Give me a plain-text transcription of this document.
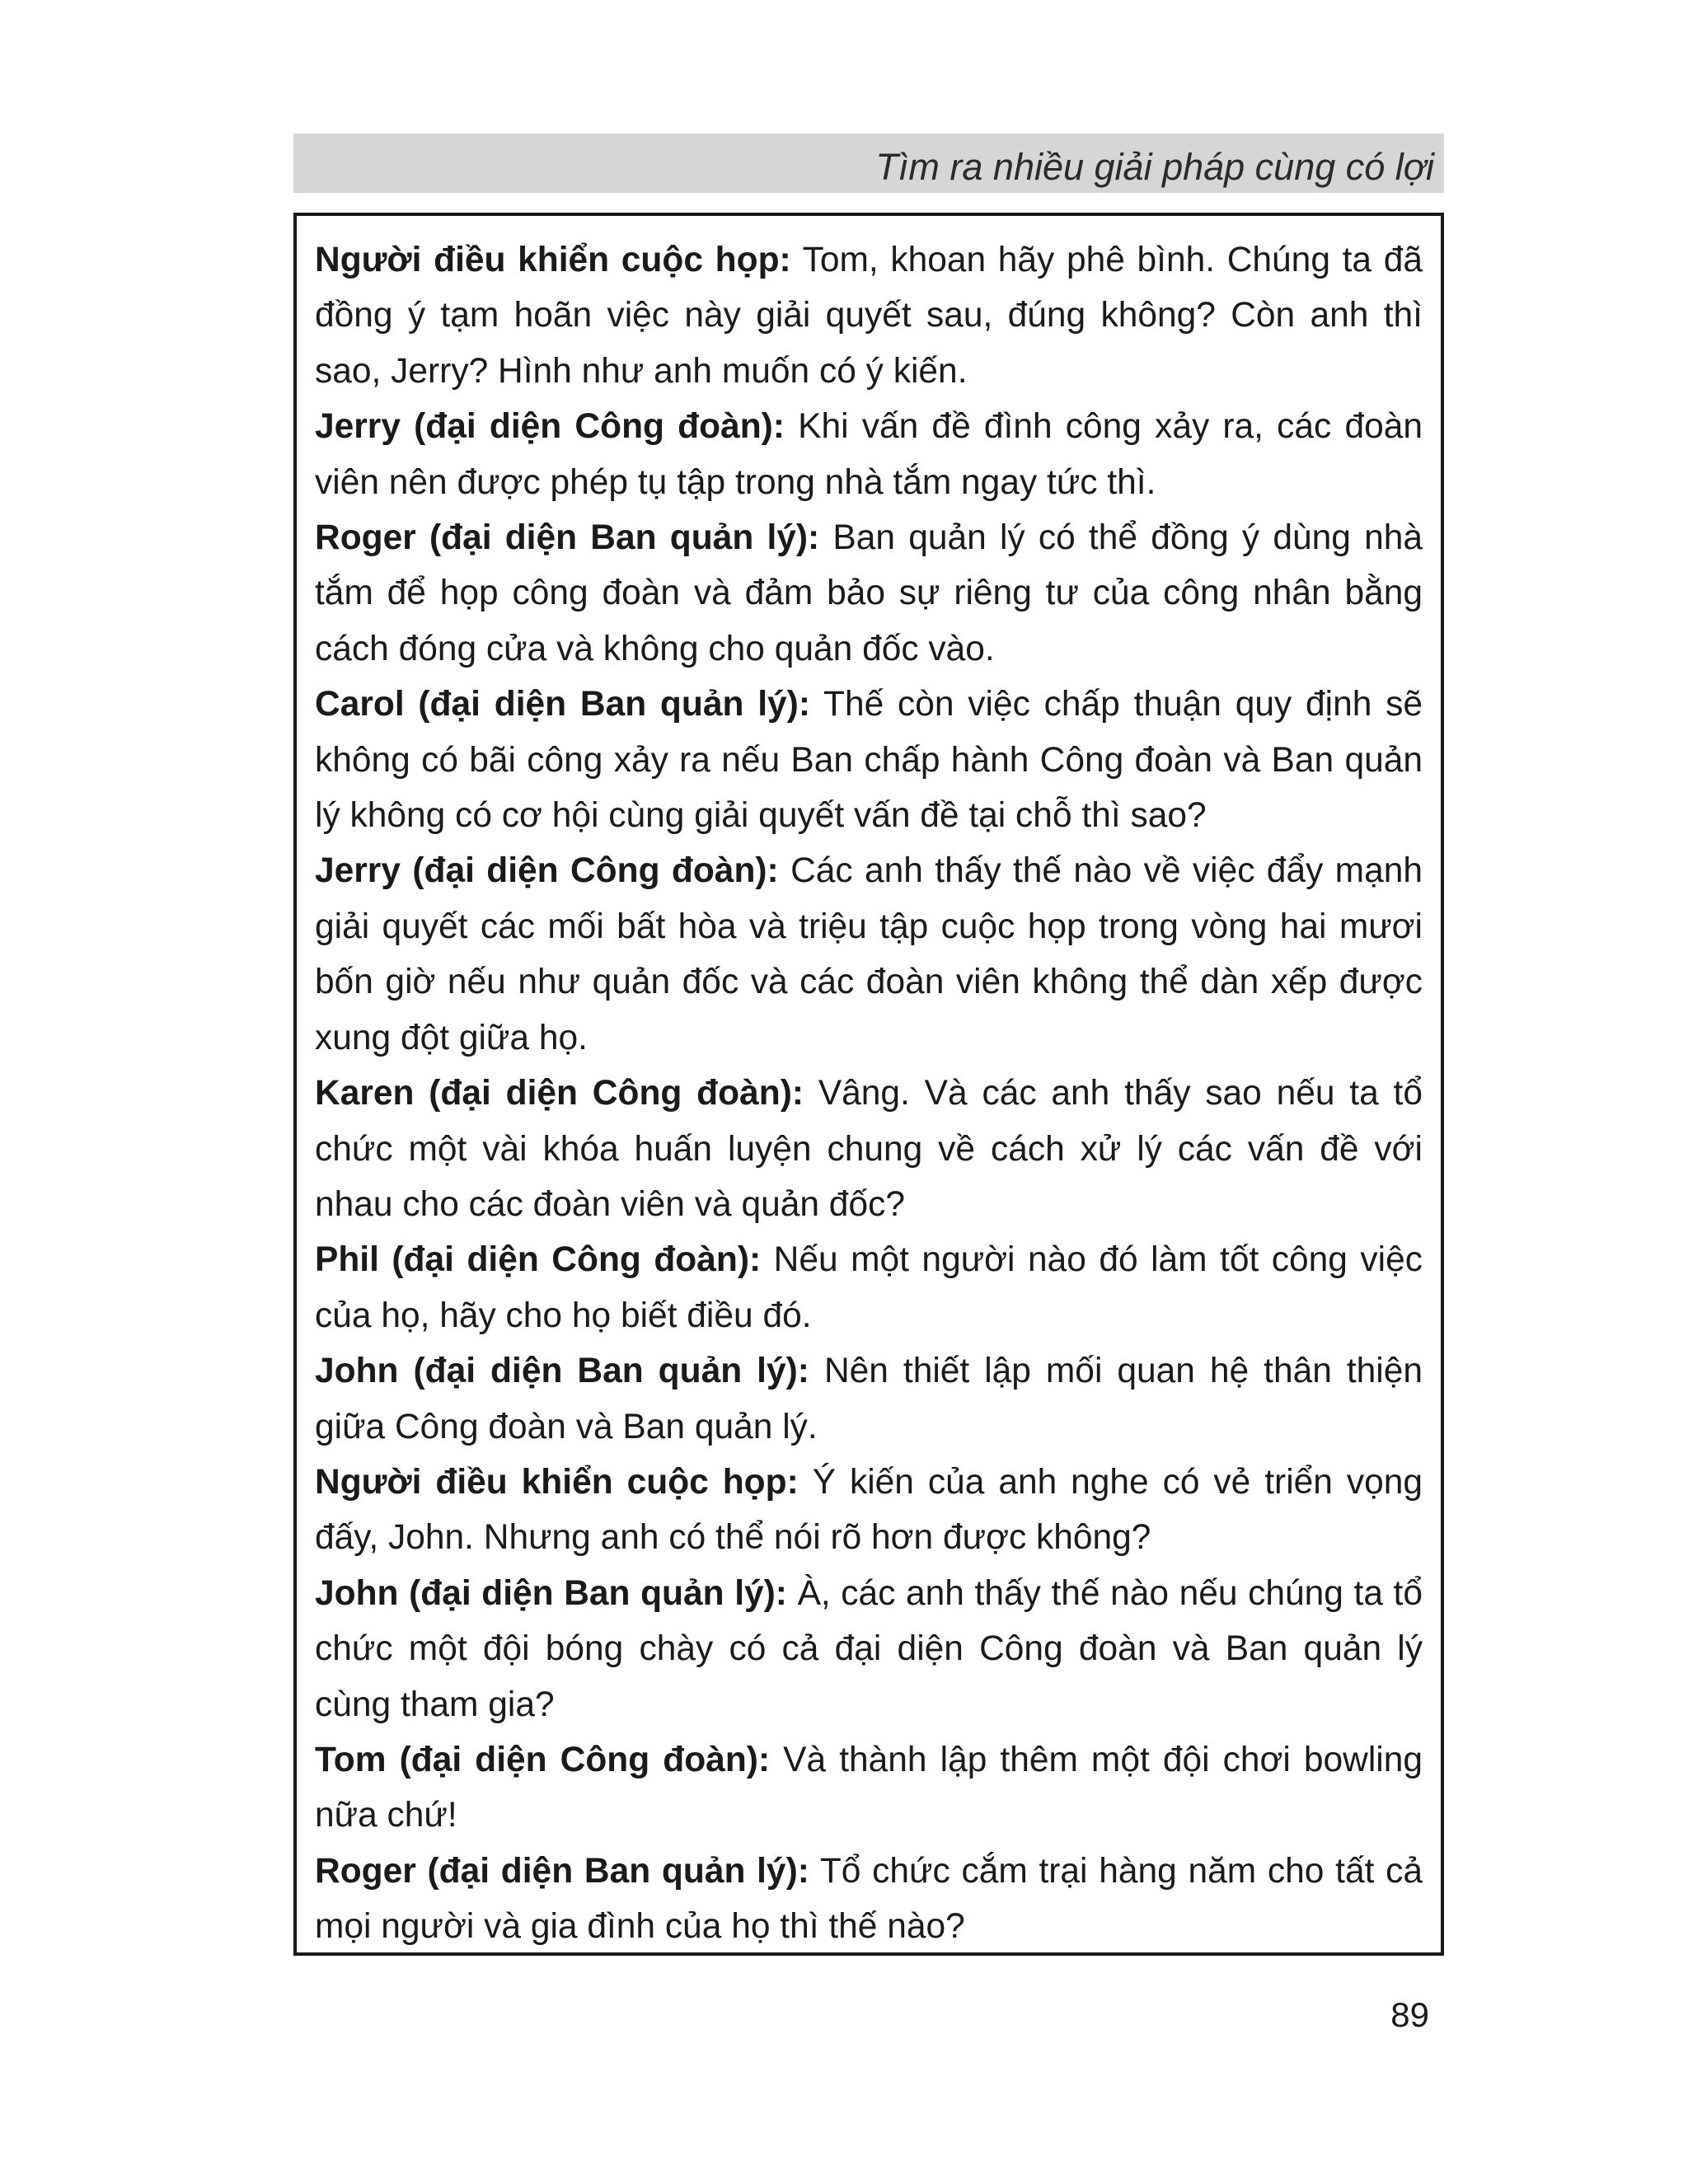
Tìm ra nhiều giải pháp cùng có lợi

Người điều khiển cuộc họp: Tom, khoan hãy phê bình. Chúng ta đã đồng ý tạm hoãn việc này giải quyết sau, đúng không? Còn anh thì sao, Jerry? Hình như anh muốn có ý kiến.

Jerry (đại diện Công đoàn): Khi vấn đề đình công xảy ra, các đoàn viên nên được phép tụ tập trong nhà tắm ngay tức thì.

Roger (đại diện Ban quản lý): Ban quản lý có thể đồng ý dùng nhà tắm để họp công đoàn và đảm bảo sự riêng tư của công nhân bằng cách đóng cửa và không cho quản đốc vào.

Carol (đại diện Ban quản lý): Thế còn việc chấp thuận quy định sẽ không có bãi công xảy ra nếu Ban chấp hành Công đoàn và Ban quản lý không có cơ hội cùng giải quyết vấn đề tại chỗ thì sao?

Jerry (đại diện Công đoàn): Các anh thấy thế nào về việc đẩy mạnh giải quyết các mối bất hòa và triệu tập cuộc họp trong vòng hai mươi bốn giờ nếu như quản đốc và các đoàn viên không thể dàn xếp được xung đột giữa họ.

Karen (đại diện Công đoàn): Vâng. Và các anh thấy sao nếu ta tổ chức một vài khóa huấn luyện chung về cách xử lý các vấn đề với nhau cho các đoàn viên và quản đốc?

Phil (đại diện Công đoàn): Nếu một người nào đó làm tốt công việc của họ, hãy cho họ biết điều đó.

John (đại diện Ban quản lý): Nên thiết lập mối quan hệ thân thiện giữa Công đoàn và Ban quản lý.

Người điều khiển cuộc họp: Ý kiến của anh nghe có vẻ triển vọng đấy, John. Nhưng anh có thể nói rõ hơn được không?

John (đại diện Ban quản lý): À, các anh thấy thế nào nếu chúng ta tổ chức một đội bóng chày có cả đại diện Công đoàn và Ban quản lý cùng tham gia?

Tom (đại diện Công đoàn): Và thành lập thêm một đội chơi bowling nữa chứ!

Roger (đại diện Ban quản lý): Tổ chức cắm trại hàng năm cho tất cả mọi người và gia đình của họ thì thế nào?

89
